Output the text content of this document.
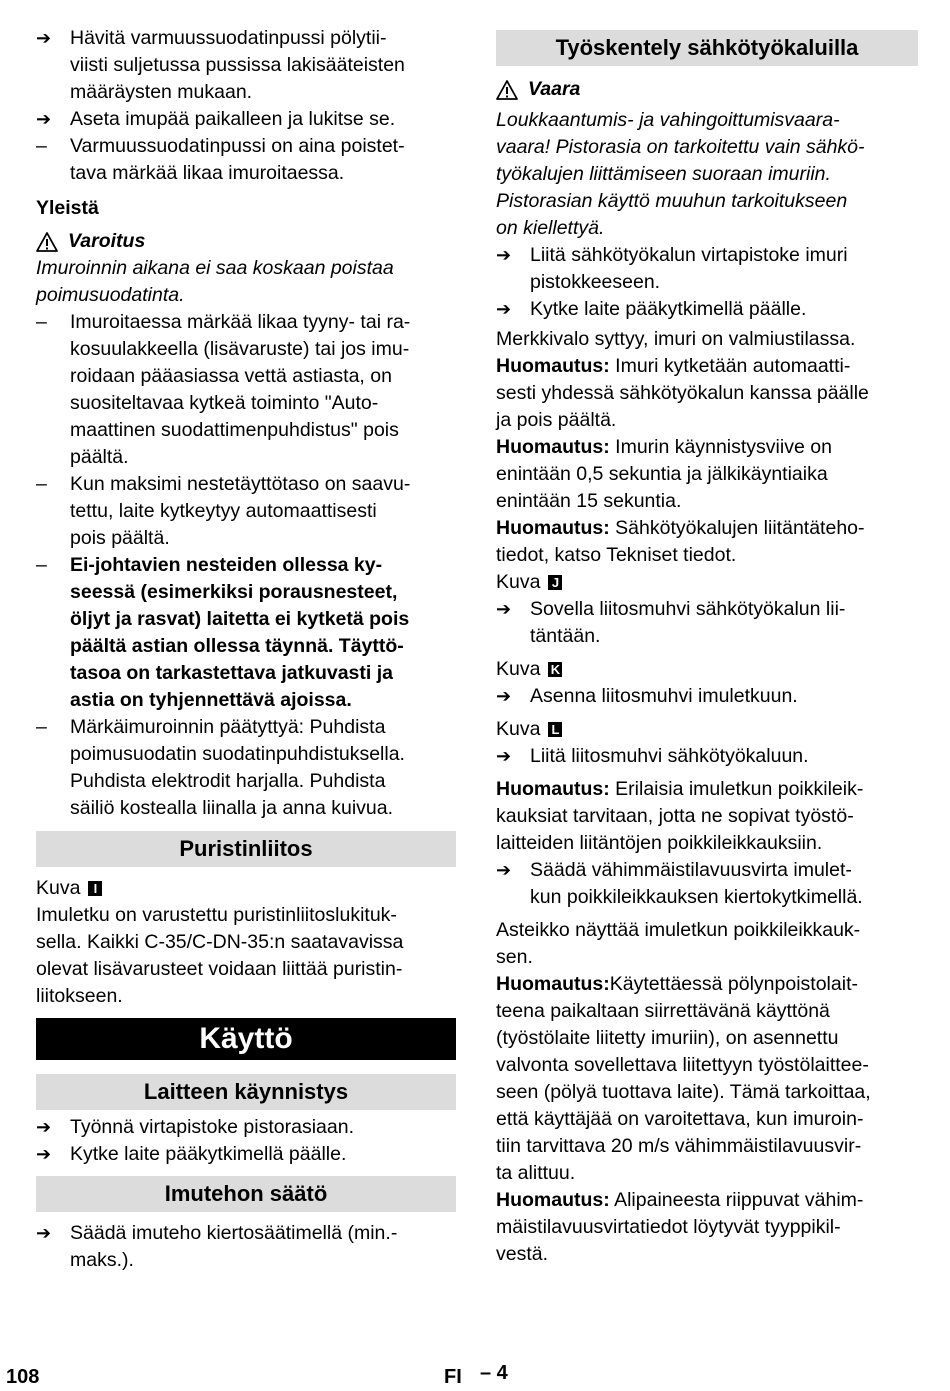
➔ Hävitä varmuussuodatinpussi pölytii-
viisti suljetussa pussissa lakisääteisten
määräysten mukaan.
➔ Aseta imupää paikalleen ja lukitse se.
–	Varmuussuodatinpussi on aina poistet-
tava märkää likaa imuroitaessa.
Yleistä
Varoitus
Imuroinnin aikana ei saa koskaan poistaa
poimusuodatinta.
–	Imuroitaessa märkää likaa tyyny- tai ra-
kosuulakkeella (lisävaruste) tai jos imu-
roidaan pääasiassa vettä astiasta, on
suositeltavaa kytkeä toiminto "Auto-
maattinen suodattimenpuhdistus" pois
päältä.
–	Kun maksimi nestetäyttötaso on saavu-
tettu, laite kytkeytyy automaattisesti
pois päältä.
–	Ei-johtavien nesteiden ollessa ky-
seessä (esimerkiksi porausnesteet,
öljyt ja rasvat) laitetta ei kytketä pois
päältä astian ollessa täynnä. Täyttö-
tasoa on tarkastettava jatkuvasti ja
astia on tyhjennettävä ajoissa.
–	Märkäimuroinnin päätyttyä: Puhdista
poimusuodatin suodatinpuhdistuksella.
Puhdista elektrodit harjalla. Puhdista
säiliö kostealla liinalla ja anna kuivua.
Puristinliitos
Kuva I
Imuletku on varustettu puristinliitoslukituk-
sella. Kaikki C-35/C-DN-35:n saatavavissa
olevat lisävarusteet voidaan liittää puristin-
liitokseen.
Käyttö
Laitteen käynnistys
➔ Työnnä virtapistoke pistorasiaan.
➔ Kytke laite pääkytkimellä päälle.
Imutehon säätö
➔ Säädä imuteho kiertosäätimellä (min.-
maks.).
Työskentely sähkötyökaluilla
Vaara
Loukkaantumis- ja vahingoittumisvaara-
vaara! Pistorasia on tarkoitettu vain sähkö-
työkalujen liittämiseen suoraan imuriin.
Pistorasian käyttö muuhun tarkoitukseen
on kiellettyä.
➔ Liitä sähkötyökalun virtapistoke imuri
pistokkeeseen.
➔ Kytke laite pääkytkimellä päälle.
Merkkivalo syttyy, imuri on valmiustilassa.
Huomautus: Imuri kytketään automaatti-
sesti yhdessä sähkötyökalun kanssa päälle
ja pois päältä.
Huomautus: Imurin käynnistysviive on
enintään 0,5 sekuntia ja jälkikäyntiaika
enintään 15 sekuntia.
Huomautus: Sähkötyökalujen liitäntäteho-
tiedot, katso Tekniset tiedot.
Kuva J
➔ Sovella liitosmuhvi sähkötyökalun lii-
täntään.
Kuva K
➔ Asenna liitosmuhvi imuletkuun.
Kuva L
➔ Liitä liitosmuhvi sähkötyökaluun.
Huomautus: Erilaisia imuletkun poikkileik-
kauksiat tarvitaan, jotta ne sopivat työstö-
laitteiden liitäntöjen poikkileikkauksiin.
➔ Säädä vähimmäistilavuusvirta imulet-
kun poikkileikkauksen kiertokytkimellä.
Asteikko näyttää imuletkun poikkileikkauk-
sen.
Huomautus:Käytettäessä pölynpoistolait-
teena paikaltaan siirrettävänä käyttönä
(työstölaite liitetty imuriin), on asennettu
valvonta sovellettava liitettyyn työstölaittee-
seen (pölyä tuottava laite). Tämä tarkoittaa,
että käyttäjää on varoitettava, kun imuroin-
tiin tarvittava 20 m/s vähimmäistilavuusvir-
ta alittuu.
Huomautus: Alipaineesta riippuvat vähim-
mäistilavuusvirtatiedot löytyvät tyyppikil-
vestä.
108	FI – 4
